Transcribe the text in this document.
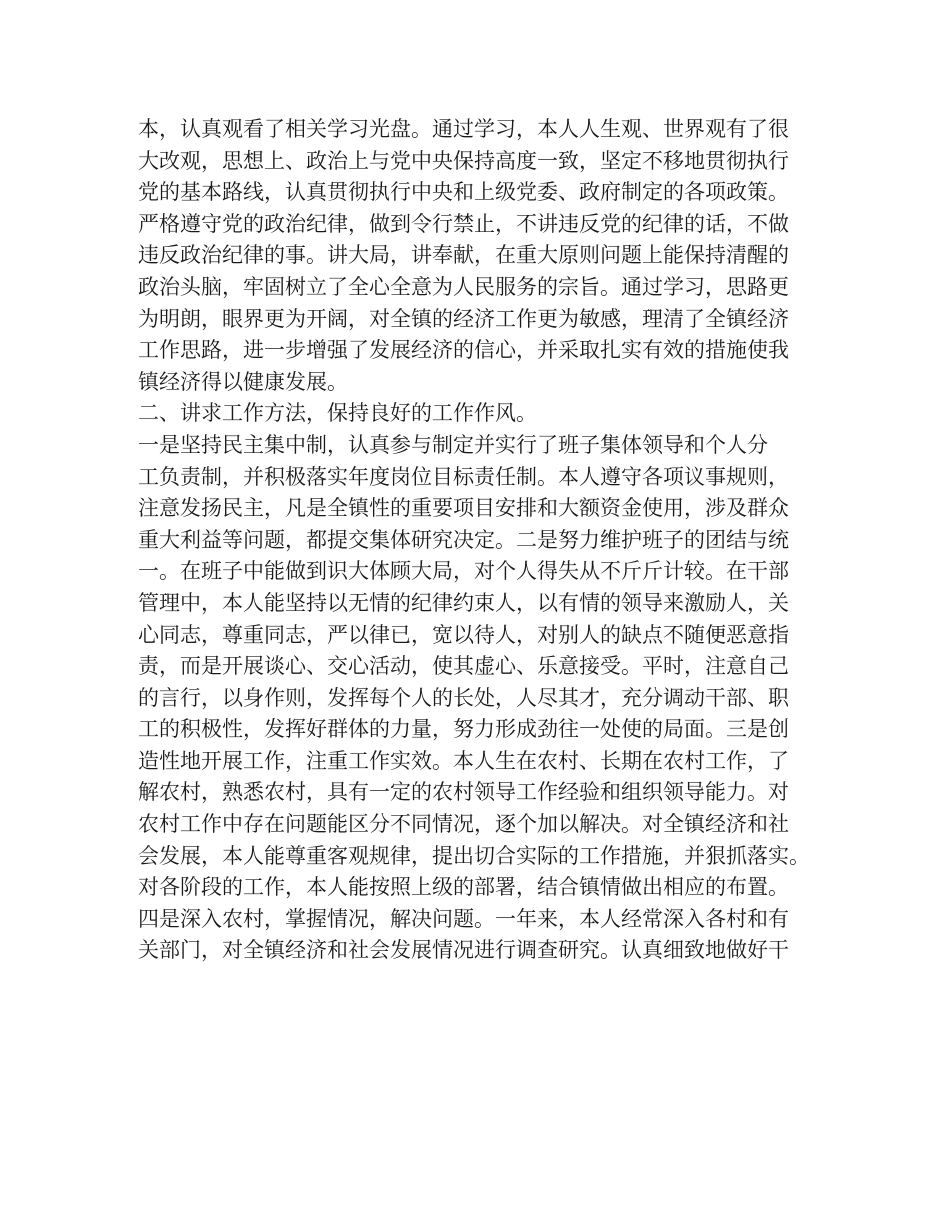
本，认真观看了相关学习光盘。通过学习，本人人生观、世界观有了很
大改观，思想上、政治上与党中央保持高度一致，坚定不移地贯彻执行
党的基本路线，认真贯彻执行中央和上级党委、政府制定的各项政策。
严格遵守党的政治纪律，做到令行禁止，不讲违反党的纪律的话，不做
违反政治纪律的事。讲大局，讲奉献，在重大原则问题上能保持清醒的
政治头脑，牢固树立了全心全意为人民服务的宗旨。通过学习，思路更
为明朗，眼界更为开阔，对全镇的经济工作更为敏感，理清了全镇经济
工作思路，进一步增强了发展经济的信心，并采取扎实有效的措施使我
镇经济得以健康发展。
二、讲求工作方法，保持良好的工作作风。
一是坚持民主集中制，认真参与制定并实行了班子集体领导和个人分
工负责制，并积极落实年度岗位目标责任制。本人遵守各项议事规则，
注意发扬民主，凡是全镇性的重要项目安排和大额资金使用，涉及群众
重大利益等问题，都提交集体研究决定。二是努力维护班子的团结与统
一。在班子中能做到识大体顾大局，对个人得失从不斤斤计较。在干部
管理中，本人能坚持以无情的纪律约束人，以有情的领导来激励人，关
心同志，尊重同志，严以律已，宽以待人，对别人的缺点不随便恶意指
责，而是开展谈心、交心活动，使其虚心、乐意接受。平时，注意自己
的言行，以身作则，发挥每个人的长处，人尽其才，充分调动干部、职
工的积极性，发挥好群体的力量，努力形成劲往一处使的局面。三是创
造性地开展工作，注重工作实效。本人生在农村、长期在农村工作，了
解农村，熟悉农村，具有一定的农村领导工作经验和组织领导能力。对
农村工作中存在问题能区分不同情况，逐个加以解决。对全镇经济和社
会发展，本人能尊重客观规律，提出切合实际的工作措施，并狠抓落实。
对各阶段的工作，本人能按照上级的部署，结合镇情做出相应的布置。
四是深入农村，掌握情况，解决问题。一年来，本人经常深入各村和有
关部门，对全镇经济和社会发展情况进行调查研究。认真细致地做好干
